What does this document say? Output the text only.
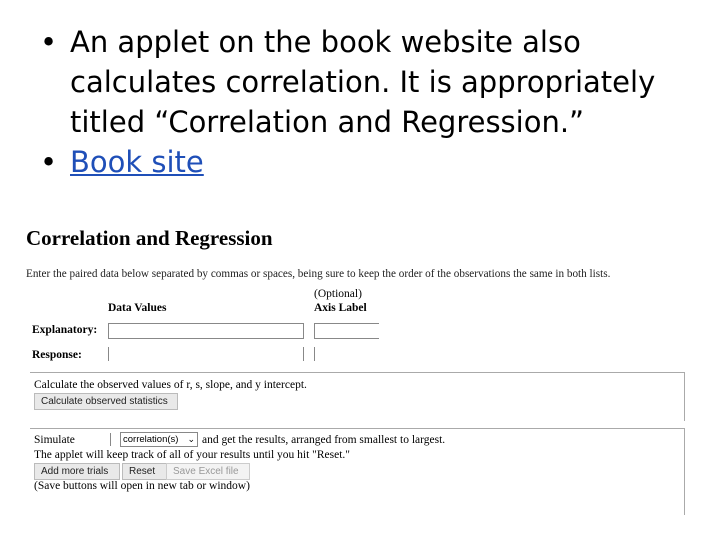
• An applet on the book website also calculates correlation. It is appropriately titled “Correlation and Regression.”
• Book site
Correlation and Regression
Enter the paired data below separated by commas or spaces, being sure to keep the order of the observations the same in both lists.
(Optional)
Data Values	Axis Label
Explanatory:
Response:
Calculate the observed values of r, s, slope, and y intercept.
Calculate observed statistics
Simulate	correlation(s) ⌄ and get the results, arranged from smallest to largest.
The applet will keep track of all of your results until you hit "Reset."
Add more trials	Reset	Save Excel file
(Save buttons will open in new tab or window)
